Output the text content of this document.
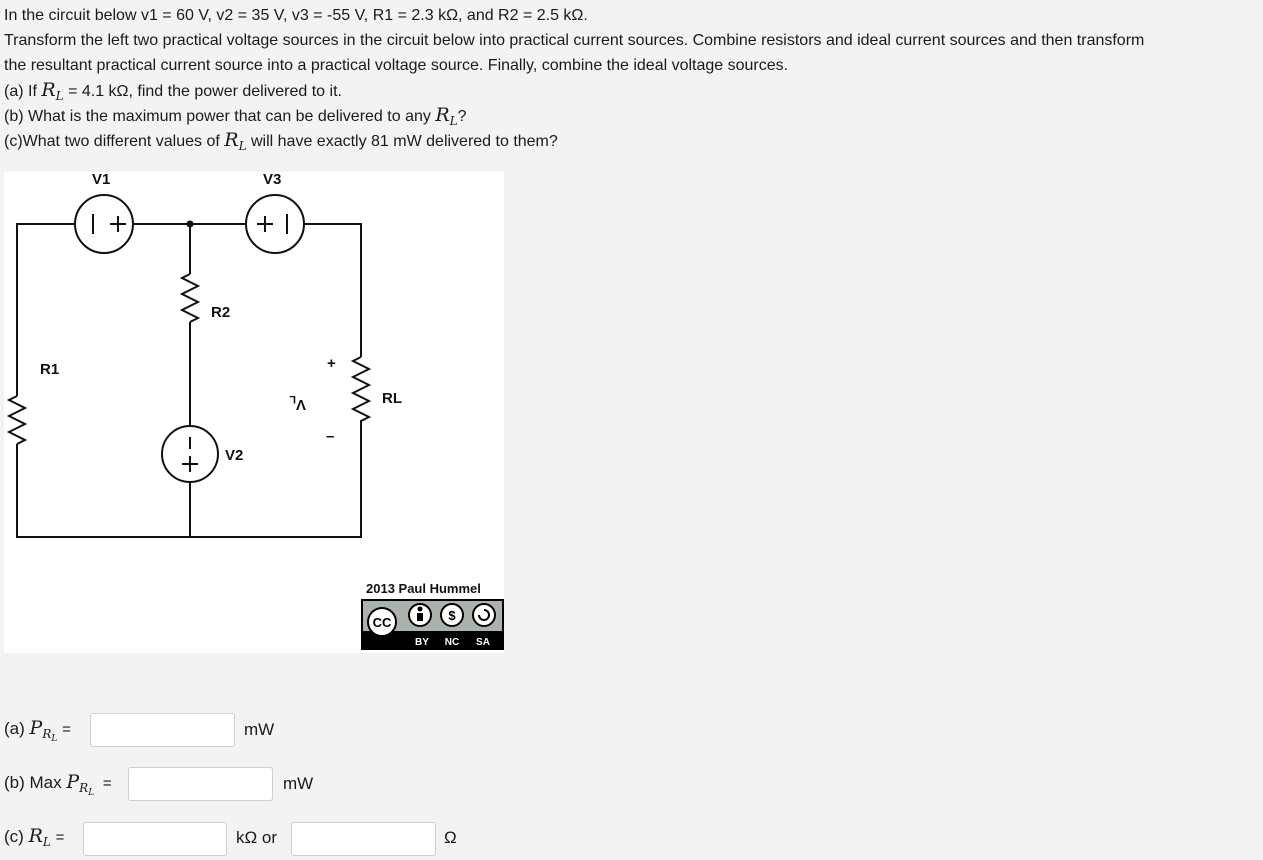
In the circuit below v1 = 60 V, v2 = 35 V, v3 = -55 V, R1 = 2.3 kΩ, and R2 = 2.5 kΩ.
Transform the left two practical voltage sources in the circuit below into practical current sources. Combine resistors and ideal current sources and then transform
the resultant practical current source into a practical voltage source. Finally, combine the ideal voltage sources.
(a) If $R_L = 4.1$ kΩ, find the power delivered to it.
(b) What is the maximum power that can be delivered to any $R_L$?
(c)What two different values of $R_L$ will have exactly 81 mW delivered to them?
V1	V3
R2
R1
V2
RL
+
–
$V_L$
2013 Paul Hummel
CC	$
BY NC SA
(a) $P_{RL}$ =	mW
(b) Max $P_{RL}$ =	mW
(c) $R_L$ =	kΩ or	Ω
